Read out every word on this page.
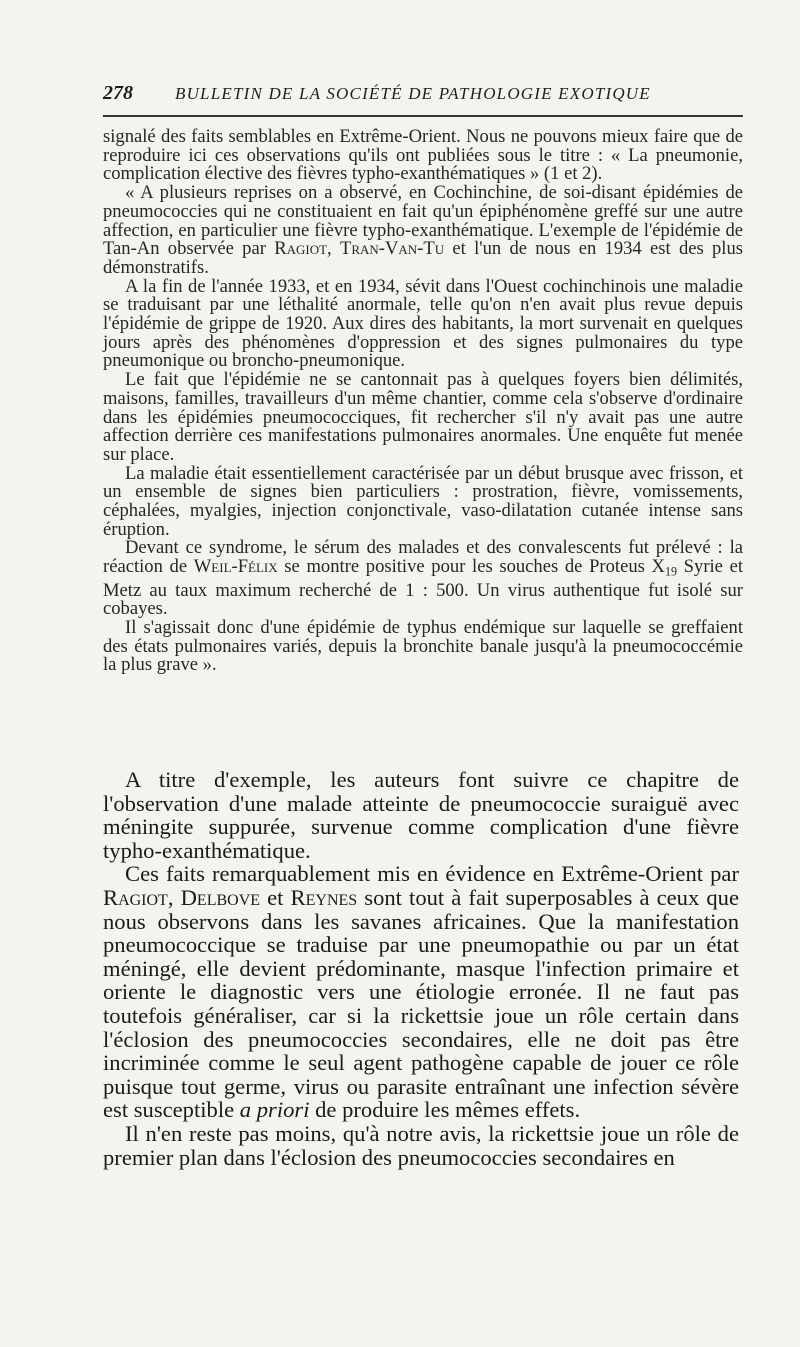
278 BULLETIN DE LA SOCIÉTÉ DE PATHOLOGIE EXOTIQUE

signalé des faits semblables en Extrême-Orient. Nous ne pouvons mieux faire que de reproduire ici ces observations qu'ils ont publiées sous le titre : « La pneumonie, complication élective des fièvres typho-exanthématiques » (1 et 2).

« A plusieurs reprises on a observé, en Cochinchine, de soi-disant épidémies de pneumococcies qui ne constituaient en fait qu'un épiphénomène greffé sur une autre affection, en particulier une fièvre typho-exanthématique. L'exemple de l'épidémie de Tan-An observée par Ragiot, Tran-Van-Tu et l'un de nous en 1934 est des plus démonstratifs.

A la fin de l'année 1933, et en 1934, sévit dans l'Ouest cochinchinois une maladie se traduisant par une léthalité anormale, telle qu'on n'en avait plus revue depuis l'épidémie de grippe de 1920. Aux dires des habitants, la mort survenait en quelques jours après des phénomènes d'oppression et des signes pulmonaires du type pneumonique ou broncho-pneumonique.

Le fait que l'épidémie ne se cantonnait pas à quelques foyers bien délimités, maisons, familles, travailleurs d'un même chantier, comme cela s'observe d'ordinaire dans les épidémies pneumococciques, fit rechercher s'il n'y avait pas une autre affection derrière ces manifestations pulmonaires anormales. Une enquête fut menée sur place.

La maladie était essentiellement caractérisée par un début brusque avec frisson, et un ensemble de signes bien particuliers : prostration, fièvre, vomissements, céphalées, myalgies, injection conjonctivale, vaso-dilatation cutanée intense sans éruption.

Devant ce syndrome, le sérum des malades et des convalescents fut prélevé : la réaction de Weil-Félix se montre positive pour les souches de Proteus $X_{19}$ Syrie et Metz au taux maximum recherché de 1 : 500. Un virus authentique fut isolé sur cobayes.

Il s'agissait donc d'une épidémie de typhus endémique sur laquelle se greffaient des états pulmonaires variés, depuis la bronchite banale jusqu'à la pneumococcémie la plus grave ».

A titre d'exemple, les auteurs font suivre ce chapitre de l'observation d'une malade atteinte de pneumococcie suraiguë avec méningite suppurée, survenue comme complication d'une fièvre typho-exanthématique.

Ces faits remarquablement mis en évidence en Extrême-Orient par Ragiot, Delbove et Reynes sont tout à fait superposables à ceux que nous observons dans les savanes africaines. Que la manifestation pneumococcique se traduise par une pneumopathie ou par un état méningé, elle devient prédominante, masque l'infection primaire et oriente le diagnostic vers une étiologie erronée. Il ne faut pas toutefois généraliser, car si la rickettsie joue un rôle certain dans l'éclosion des pneumococcies secondaires, elle ne doit pas être incriminée comme le seul agent pathogène capable de jouer ce rôle puisque tout germe, virus ou parasite entraînant une infection sévère est susceptible a priori de produire les mêmes effets.

Il n'en reste pas moins, qu'à notre avis, la rickettsie joue un rôle de premier plan dans l'éclosion des pneumococcies secondaires en
